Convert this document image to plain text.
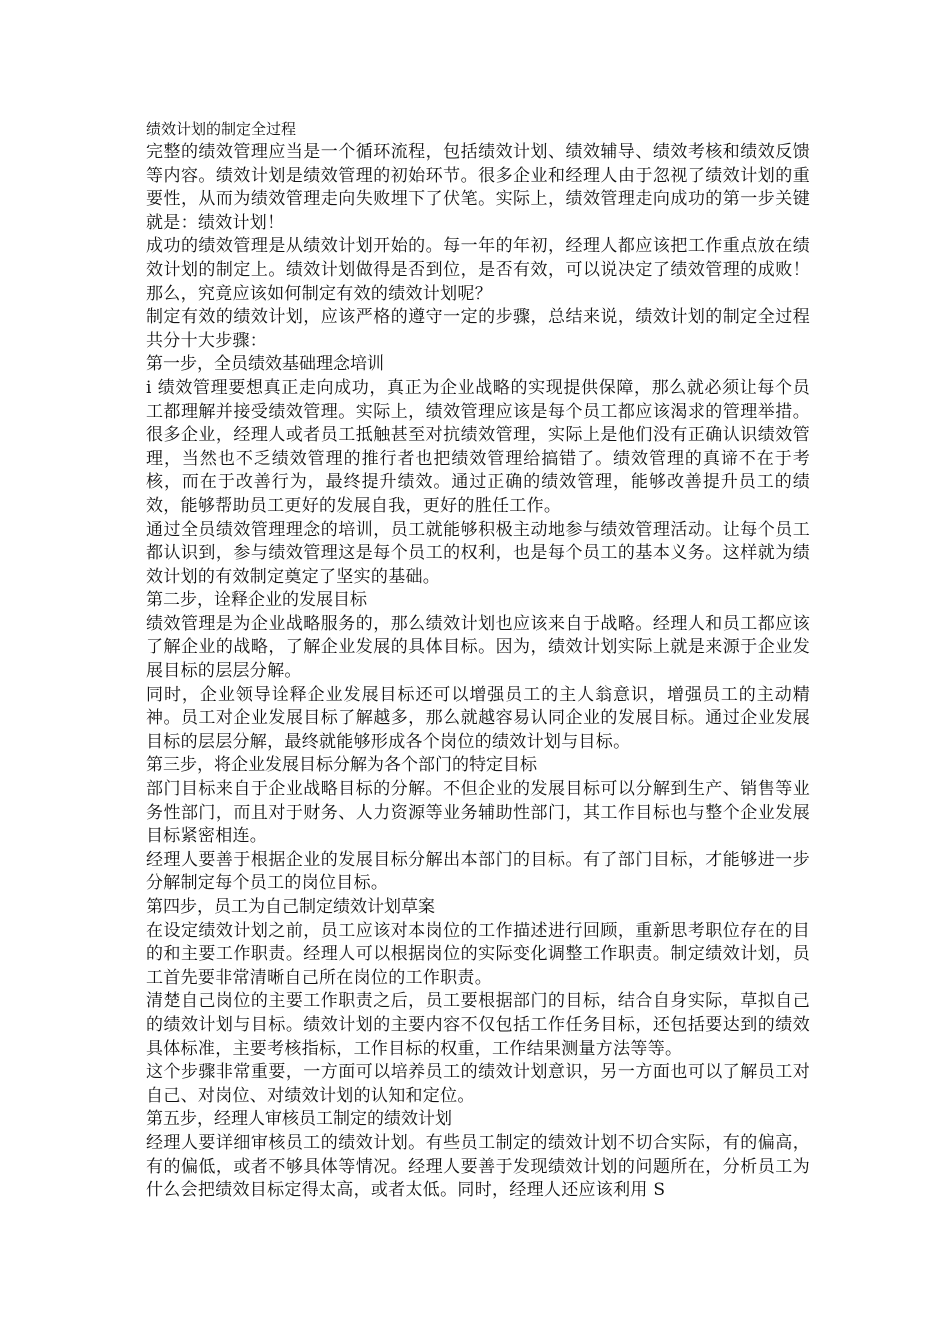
绩效计划的制定全过程

完整的绩效管理应当是一个循环流程，包括绩效计划、绩效辅导、绩效考核和绩效反馈等内容。绩效计划是绩效管理的初始环节。很多企业和经理人由于忽视了绩效计划的重要性，从而为绩效管理走向失败埋下了伏笔。实际上，绩效管理走向成功的第一步关键就是：绩效计划！

成功的绩效管理是从绩效计划开始的。每一年的年初，经理人都应该把工作重点放在绩效计划的制定上。绩效计划做得是否到位，是否有效，可以说决定了绩效管理的成败！那么，究竟应该如何制定有效的绩效计划呢？

制定有效的绩效计划，应该严格的遵守一定的步骤，总结来说，绩效计划的制定全过程共分十大步骤：

第一步，全员绩效基础理念培训

i 绩效管理要想真正走向成功，真正为企业战略的实现提供保障，那么就必须让每个员工都理解并接受绩效管理。实际上，绩效管理应该是每个员工都应该渴求的管理举措。很多企业，经理人或者员工抵触甚至对抗绩效管理，实际上是他们没有正确认识绩效管理，当然也不乏绩效管理的推行者也把绩效管理给搞错了。绩效管理的真谛不在于考核，而在于改善行为，最终提升绩效。通过正确的绩效管理，能够改善提升员工的绩效，能够帮助员工更好的发展自我，更好的胜任工作。

通过全员绩效管理理念的培训，员工就能够积极主动地参与绩效管理活动。让每个员工都认识到，参与绩效管理这是每个员工的权利，也是每个员工的基本义务。这样就为绩效计划的有效制定奠定了坚实的基础。

第二步，诠释企业的发展目标

绩效管理是为企业战略服务的，那么绩效计划也应该来自于战略。经理人和员工都应该了解企业的战略，了解企业发展的具体目标。因为，绩效计划实际上就是来源于企业发展目标的层层分解。

同时，企业领导诠释企业发展目标还可以增强员工的主人翁意识，增强员工的主动精神。员工对企业发展目标了解越多，那么就越容易认同企业的发展目标。通过企业发展目标的层层分解，最终就能够形成各个岗位的绩效计划与目标。

第三步，将企业发展目标分解为各个部门的特定目标

部门目标来自于企业战略目标的分解。不但企业的发展目标可以分解到生产、销售等业务性部门，而且对于财务、人力资源等业务辅助性部门，其工作目标也与整个企业发展目标紧密相连。

经理人要善于根据企业的发展目标分解出本部门的目标。有了部门目标，才能够进一步分解制定每个员工的岗位目标。

第四步，员工为自己制定绩效计划草案

在设定绩效计划之前，员工应该对本岗位的工作描述进行回顾，重新思考职位存在的目的和主要工作职责。经理人可以根据岗位的实际变化调整工作职责。制定绩效计划，员工首先要非常清晰自己所在岗位的工作职责。

清楚自己岗位的主要工作职责之后，员工要根据部门的目标，结合自身实际，草拟自己的绩效计划与目标。绩效计划的主要内容不仅包括工作任务目标，还包括要达到的绩效具体标准，主要考核指标，工作目标的权重，工作结果测量方法等等。

这个步骤非常重要，一方面可以培养员工的绩效计划意识，另一方面也可以了解员工对自己、对岗位、对绩效计划的认知和定位。

第五步，经理人审核员工制定的绩效计划

经理人要详细审核员工的绩效计划。有些员工制定的绩效计划不切合实际，有的偏高，有的偏低，或者不够具体等情况。经理人要善于发现绩效计划的问题所在，分析员工为什么会把绩效目标定得太高，或者太低。同时，经理人还应该利用 S
